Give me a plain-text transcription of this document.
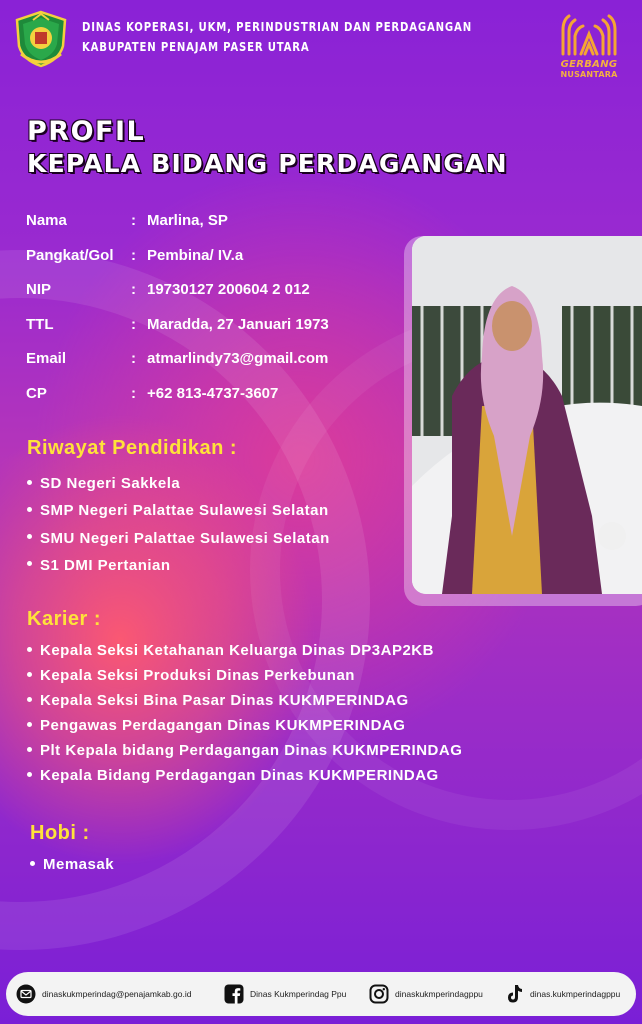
DINAS KOPERASI, UKM, PERINDUSTRIAN DAN PERDAGANGAN
KABUPATEN PENAJAM PASER UTARA
GERBANG
NUSANTARA
PROFIL
KEPALA BIDANG PERDAGANGAN
Nama	: Marlina, SP
Pangkat/Gol : Pembina/ IV.a
NIP	: 19730127 200604 2 012
TTL	: Maradda, 27 Januari 1973
Email	: atmarlindy73@gmail.com
CP	: +62 813-4737-3607
Riwayat Pendidikan :
SD Negeri Sakkela
SMP Negeri Palattae Sulawesi Selatan
SMU Negeri Palattae Sulawesi Selatan
S1 DMI Pertanian
Karier :
Kepala Seksi Ketahanan Keluarga Dinas DP3AP2KB
Kepala Seksi Produksi Dinas Perkebunan
Kepala Seksi Bina Pasar Dinas KUKMPERINDAG
Pengawas Perdagangan Dinas KUKMPERINDAG
Plt Kepala bidang Perdagangan Dinas KUKMPERINDAG
Kepala Bidang Perdagangan Dinas KUKMPERINDAG
Hobi :
Memasak
dinaskukmperindag@penajamkab.go.id	Dinas Kukmperindag Ppu	dinaskukmperindagppu	dinas.kukmperindagppu
